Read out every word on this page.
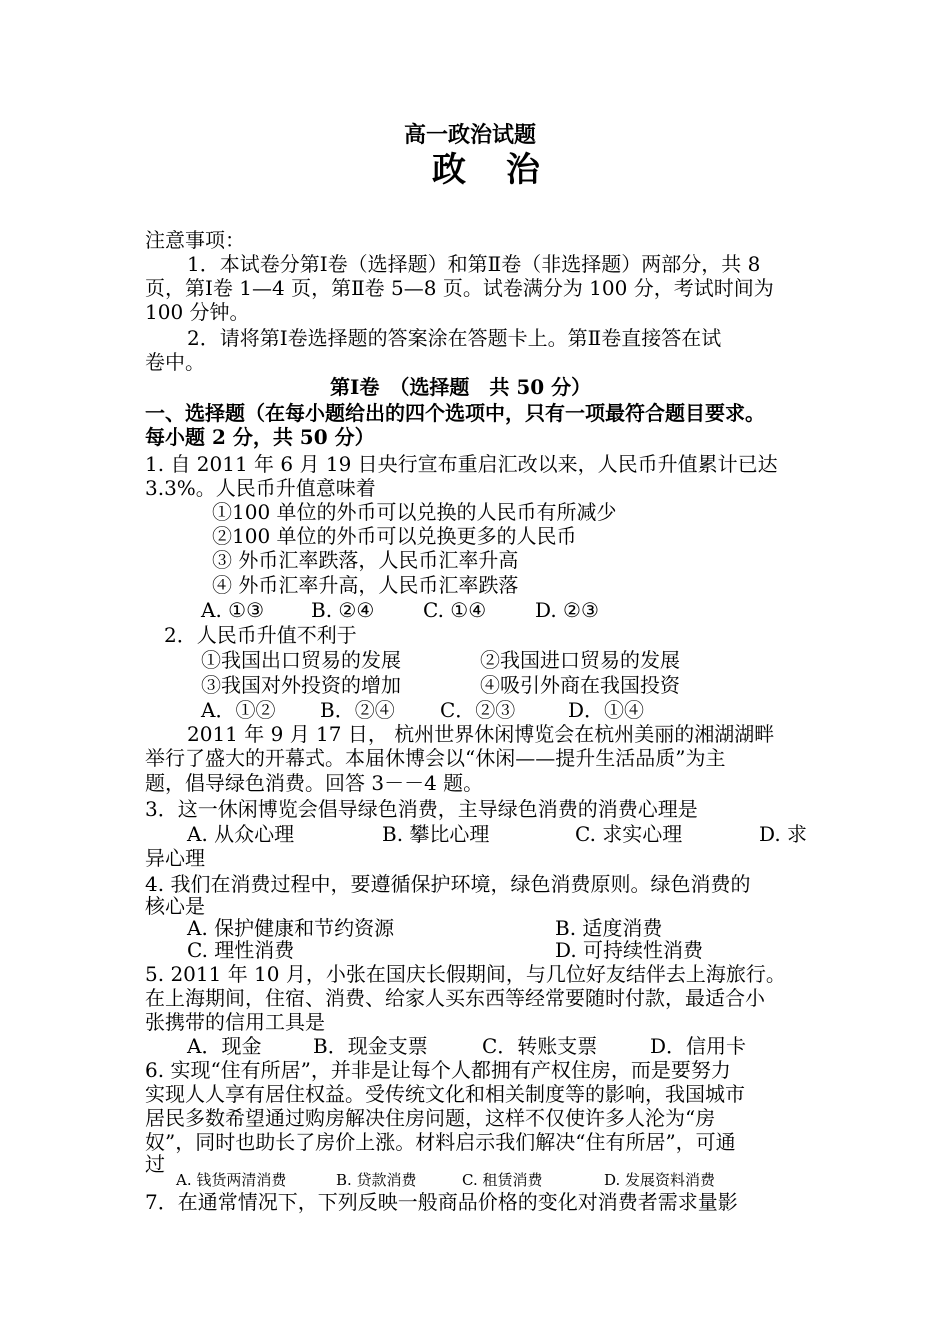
高一政治试题
政 治
注意事项：
1．本试卷分第Ⅰ卷（选择题）和第Ⅱ卷（非选择题）两部分，共 8
页，第Ⅰ卷 1—4 页，第Ⅱ卷 5—8 页。试卷满分为 100 分，考试时间为
100 分钟。
2．请将第Ⅰ卷选择题的答案涂在答题卡上。第Ⅱ卷直接答在试
卷中。
第Ⅰ卷　（选择题　共 50 分）
一、选择题（在每小题给出的四个选项中，只有一项最符合题目要求。
每小题 2 分，共 50 分）
1. 自 2011 年 6 月 19 日央行宣布重启汇改以来，人民币升值累计已达
3.3%。人民币升值意味着
①100 单位的外币可以兑换的人民币有所减少
②100 单位的外币可以兑换更多的人民币
③ 外币汇率跌落，人民币汇率升高
④ 外币汇率升高，人民币汇率跌落
A. ①③ B. ②④ C. ①④ D. ②③
2．人民币升值不利于
①我国出口贸易的发展	②我国进口贸易的发展
③我国对外投资的增加	④吸引外商在我国投资
A．①② B．②④ C．②③	D．①④
2011 年 9 月 17 日， 杭州世界休闲博览会在杭州美丽的湘湖湖畔
举行了盛大的开幕式。本届休博会以“休闲——提升生活品质”为主
题，倡导绿色消费。回答 3－－4 题。
3．这一休闲博览会倡导绿色消费，主导绿色消费的消费心理是
A. 从众心理	B. 攀比心理	C. 求实心理	D. 求
异心理
4. 我们在消费过程中，要遵循保护环境，绿色消费原则。绿色消费的
核心是
A. 保护健康和节约资源	B. 适度消费
C. 理性消费	D. 可持续性消费
5. 2011 年 10 月，小张在国庆长假期间，与几位好友结伴去上海旅行。
在上海期间，住宿、消费、给家人买东西等经常要随时付款，最适合小
张携带的信用工具是
A．现金	B．现金支票	C．转账支票	D．信用卡
6. 实现“住有所居”，并非是让每个人都拥有产权住房，而是要努力
实现人人享有居住权益。受传统文化和相关制度等的影响，我国城市
居民多数希望通过购房解决住房问题，这样不仅使许多人沦为“房
奴”，同时也助长了房价上涨。材料启示我们解决“住有所居”，可通
过
A. 钱货两清消费	B. 贷款消费	C. 租赁消费	D. 发展资料消费
7．在通常情况下，下列反映一般商品价格的变化对消费者需求量影
